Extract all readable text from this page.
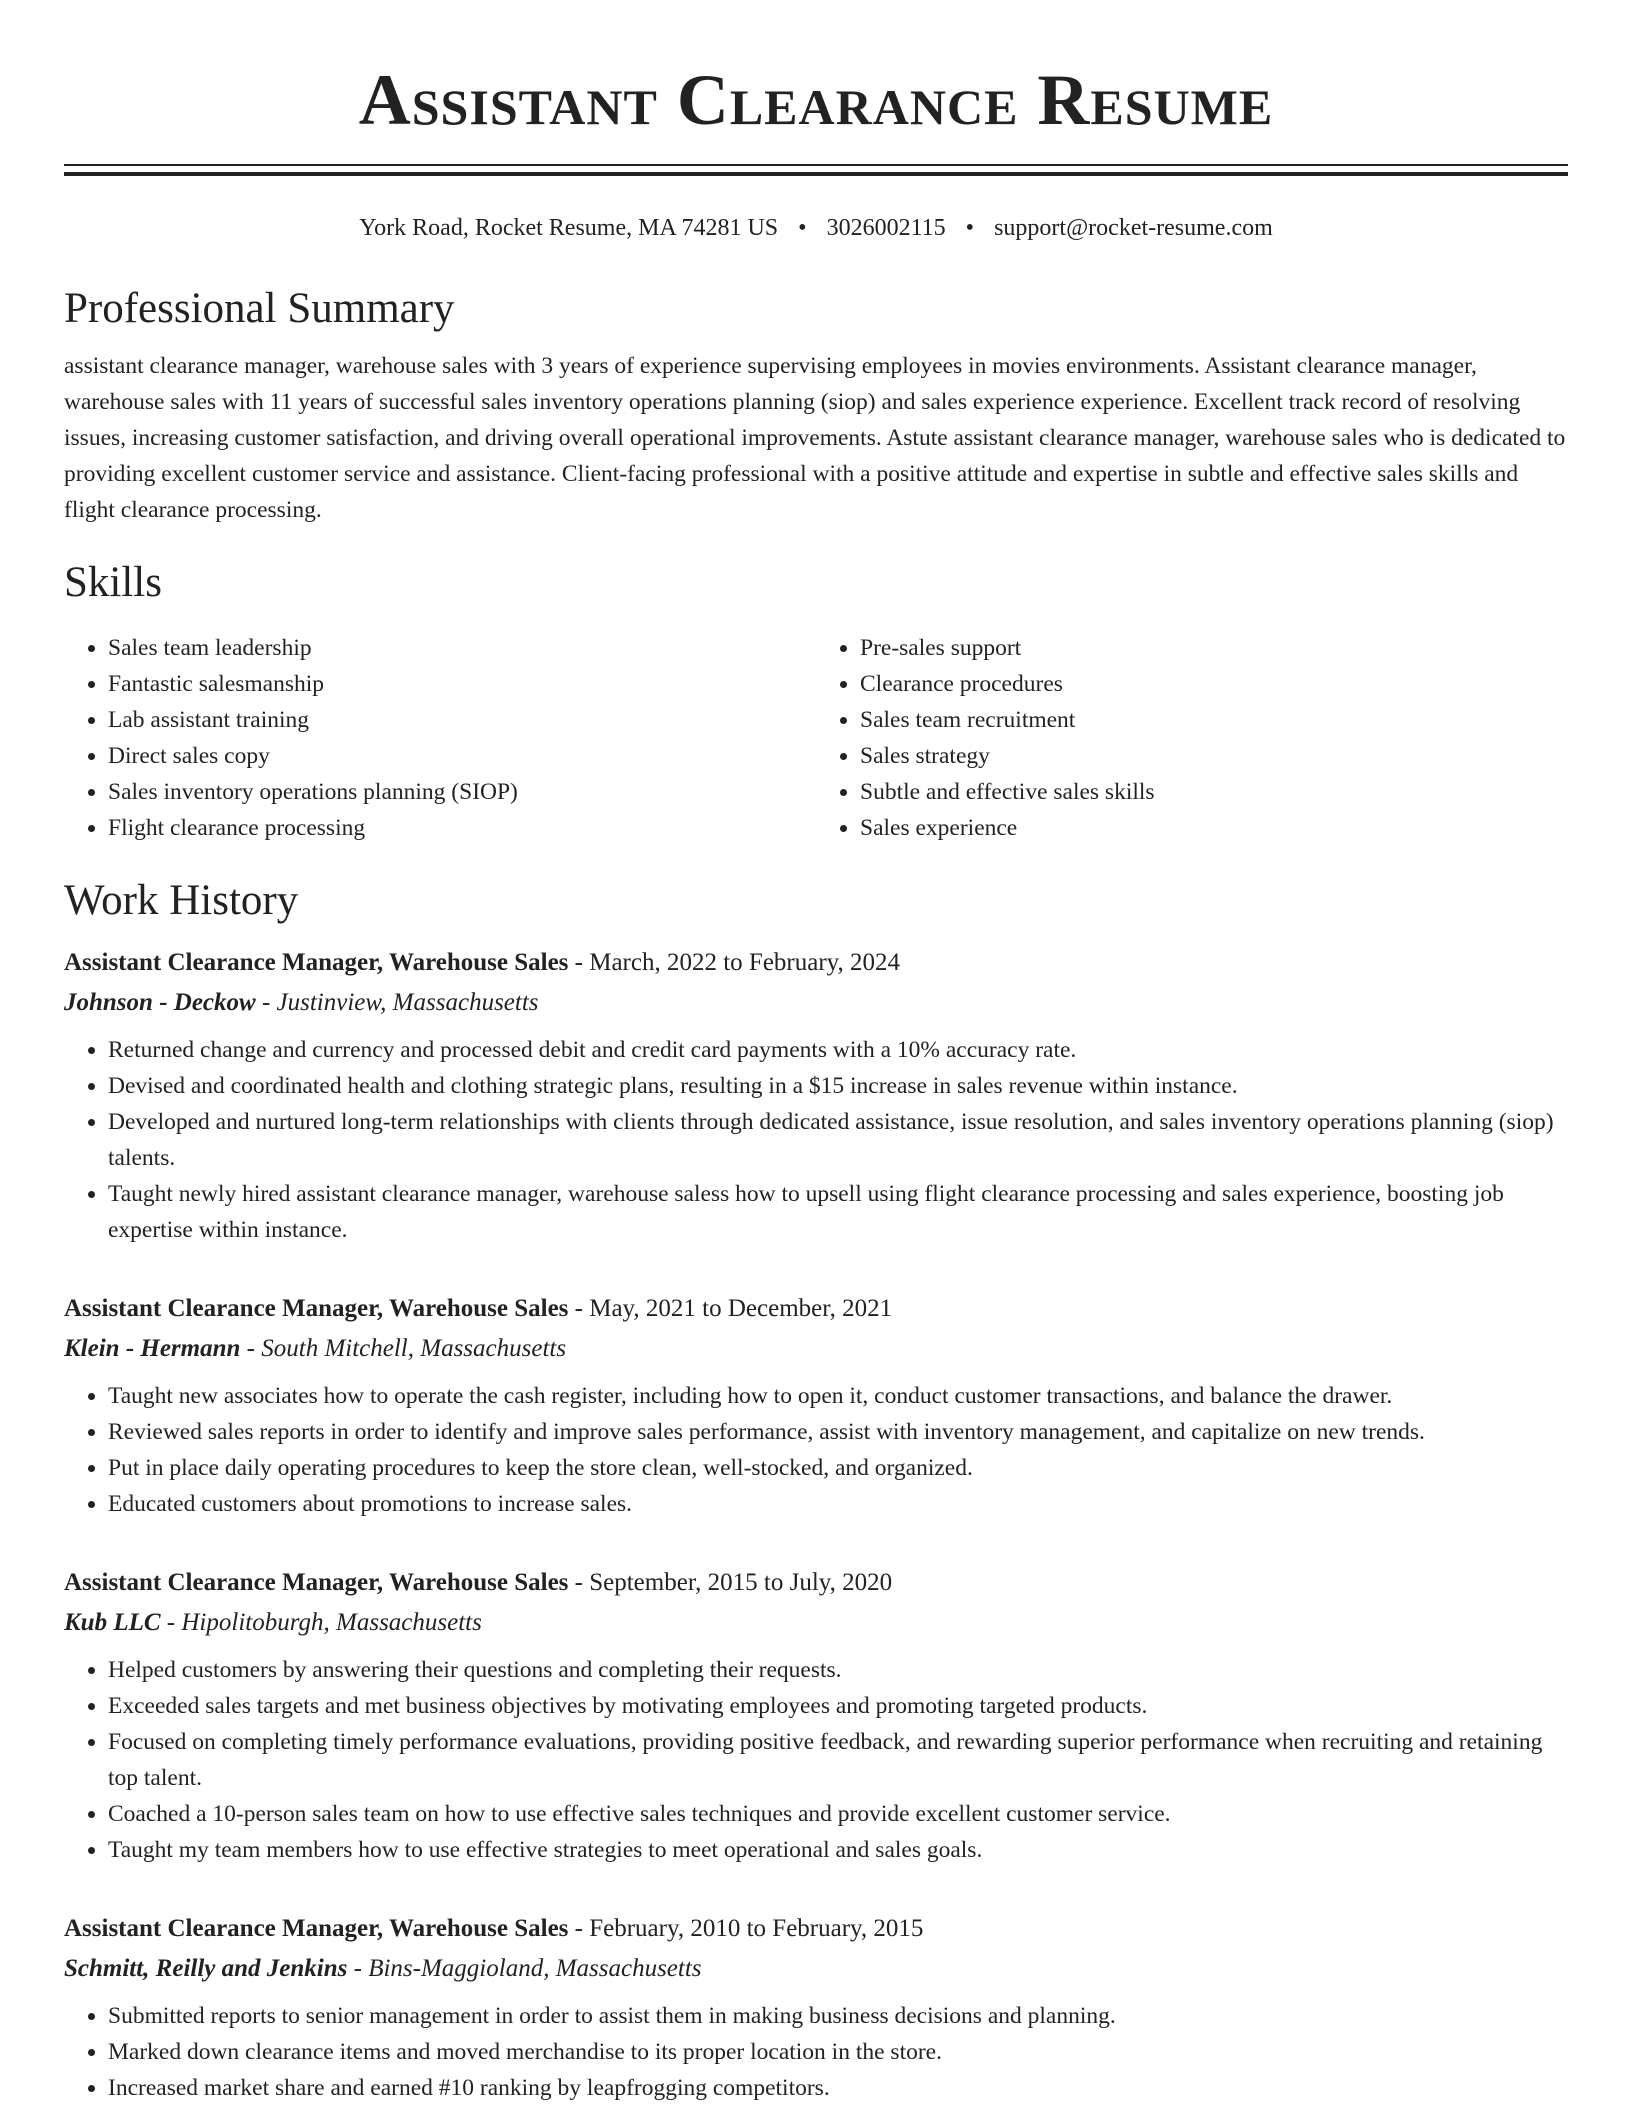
Assistant Clearance Resume
York Road, Rocket Resume, MA 74281 US • 3026002115 • support@rocket-resume.com
Professional Summary

assistant clearance manager, warehouse sales with 3 years of experience supervising employees in movies environments. Assistant clearance manager, warehouse sales with 11 years of successful sales inventory operations planning (siop) and sales experience experience. Excellent track record of resolving issues, increasing customer satisfaction, and driving overall operational improvements. Astute assistant clearance manager, warehouse sales who is dedicated to providing excellent customer service and assistance. Client-facing professional with a positive attitude and expertise in subtle and effective sales skills and flight clearance processing.

Skills
• Sales team leadership
• Fantastic salesmanship
• Lab assistant training
• Direct sales copy
• Sales inventory operations planning (SIOP)
• Flight clearance processing
• Pre-sales support
• Clearance procedures
• Sales team recruitment
• Sales strategy
• Subtle and effective sales skills
• Sales experience
Work History
Assistant Clearance Manager, Warehouse Sales - March, 2022 to February, 2024
Johnson - Deckow - Justinview, Massachusetts
• Returned change and currency and processed debit and credit card payments with a 10% accuracy rate.
• Devised and coordinated health and clothing strategic plans, resulting in a $15 increase in sales revenue within instance.
• Developed and nurtured long-term relationships with clients through dedicated assistance, issue resolution, and sales inventory operations planning (siop) talents.
• Taught newly hired assistant clearance manager, warehouse saless how to upsell using flight clearance processing and sales experience, boosting job expertise within instance.
Assistant Clearance Manager, Warehouse Sales - May, 2021 to December, 2021
Klein - Hermann - South Mitchell, Massachusetts
• Taught new associates how to operate the cash register, including how to open it, conduct customer transactions, and balance the drawer.
• Reviewed sales reports in order to identify and improve sales performance, assist with inventory management, and capitalize on new trends.
• Put in place daily operating procedures to keep the store clean, well-stocked, and organized.
• Educated customers about promotions to increase sales.
Assistant Clearance Manager, Warehouse Sales - September, 2015 to July, 2020
Kub LLC - Hipolitoburgh, Massachusetts
• Helped customers by answering their questions and completing their requests.
• Exceeded sales targets and met business objectives by motivating employees and promoting targeted products.
• Focused on completing timely performance evaluations, providing positive feedback, and rewarding superior performance when recruiting and retaining top talent.
• Coached a 10-person sales team on how to use effective sales techniques and provide excellent customer service.
• Taught my team members how to use effective strategies to meet operational and sales goals.
Assistant Clearance Manager, Warehouse Sales - February, 2010 to February, 2015
Schmitt, Reilly and Jenkins - Bins-Maggioland, Massachusetts
• Submitted reports to senior management in order to assist them in making business decisions and planning.
• Marked down clearance items and moved merchandise to its proper location in the store.
• Increased market share and earned #10 ranking by leapfrogging competitors.
